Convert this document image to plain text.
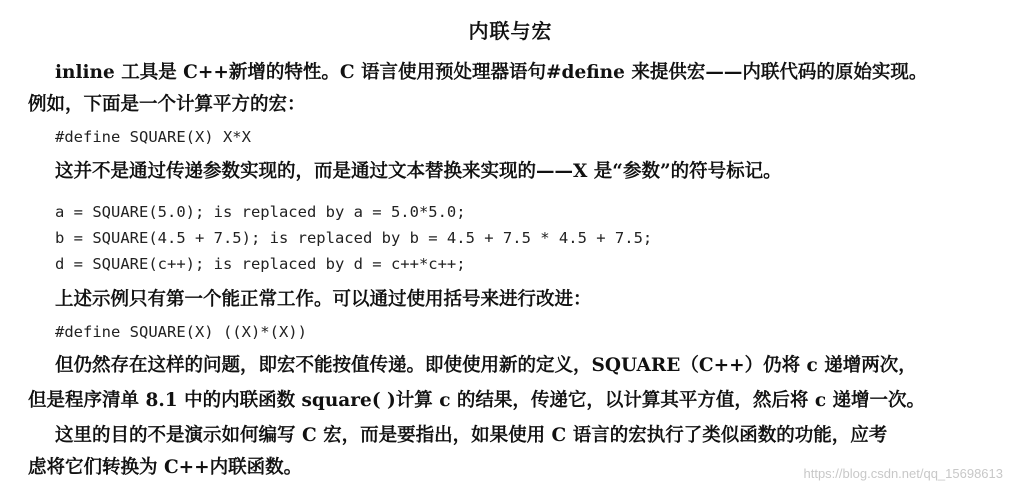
内联与宏
inline 工具是 C++新增的特性。C 语言使用预处理器语句#define 来提供宏——内联代码的原始实现。
例如，下面是一个计算平方的宏：
#define SQUARE(X) X*X
这并不是通过传递参数实现的，而是通过文本替换来实现的——X 是“参数”的符号标记。
a = SQUARE(5.0); is replaced by a = 5.0*5.0;
b = SQUARE(4.5 + 7.5); is replaced by b = 4.5 + 7.5 * 4.5 + 7.5;
d = SQUARE(c++); is replaced by d = c++*c++;
上述示例只有第一个能正常工作。可以通过使用括号来进行改进：
#define SQUARE(X) ((X)*(X))
但仍然存在这样的问题，即宏不能按值传递。即使使用新的定义，SQUARE（C++）仍将 c 递增两次，
但是程序清单 8.1 中的内联函数 square( )计算 c 的结果，传递它，以计算其平方值，然后将 c 递增一次。
这里的目的不是演示如何编写 C 宏，而是要指出，如果使用 C 语言的宏执行了类似函数的功能，应考
虑将它们转换为 C++内联函数。	https://blog.csdn.net/qq_15698613
